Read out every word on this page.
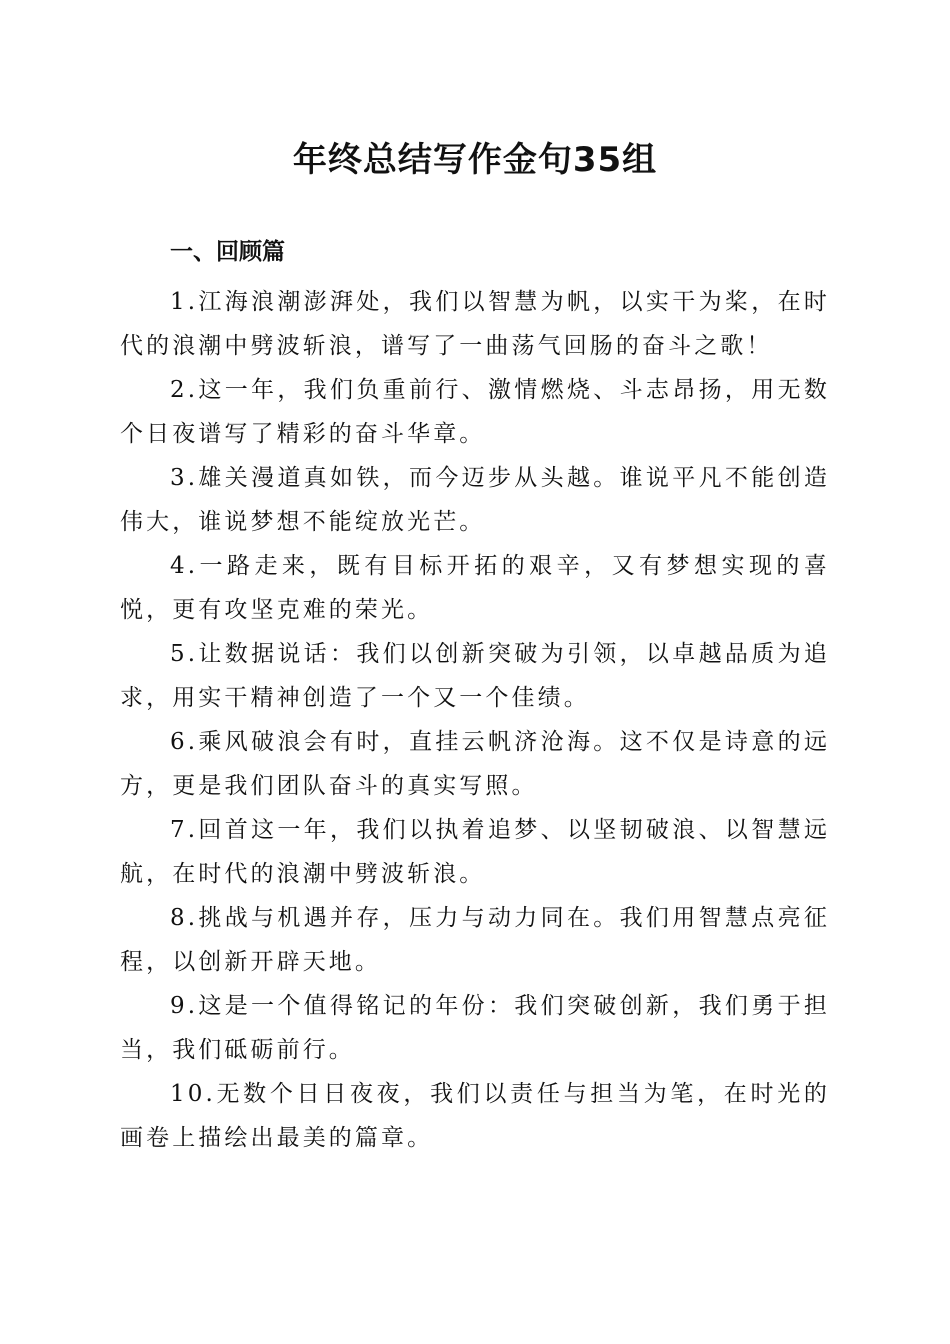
年终总结写作金句35组
一、回顾篇

1.江海浪潮澎湃处，我们以智慧为帆，以实干为桨，在时代的浪潮中劈波斩浪，谱写了一曲荡气回肠的奋斗之歌！

2.这一年，我们负重前行、激情燃烧、斗志昂扬，用无数个日夜谱写了精彩的奋斗华章。

3.雄关漫道真如铁，而今迈步从头越。谁说平凡不能创造伟大，谁说梦想不能绽放光芒。

4.一路走来，既有目标开拓的艰辛，又有梦想实现的喜悦，更有攻坚克难的荣光。

5.让数据说话：我们以创新突破为引领，以卓越品质为追求，用实干精神创造了一个又一个佳绩。

6.乘风破浪会有时，直挂云帆济沧海。这不仅是诗意的远方，更是我们团队奋斗的真实写照。

7.回首这一年，我们以执着追梦、以坚韧破浪、以智慧远航，在时代的浪潮中劈波斩浪。

8.挑战与机遇并存，压力与动力同在。我们用智慧点亮征程，以创新开辟天地。

9.这是一个值得铭记的年份：我们突破创新，我们勇于担当，我们砥砺前行。

10.无数个日日夜夜，我们以责任与担当为笔，在时光的画卷上描绘出最美的篇章。
